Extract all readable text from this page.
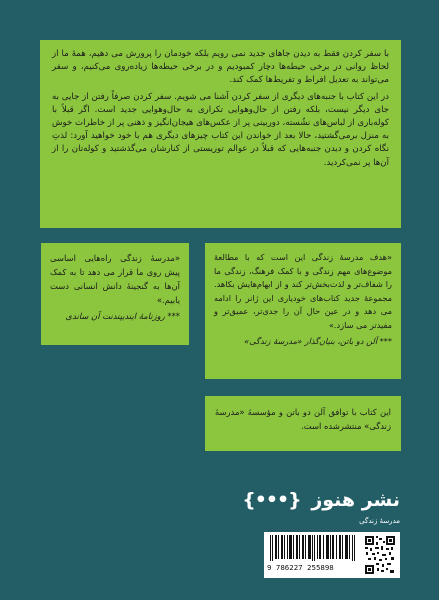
با سفر کردن فقط به دیدن جاهای جدید نمی رویم بلکه خودمان را پرورش می دهیم، همهٔ ما از لحاظ روانی در برخی حیطه‌ها دچار کمبودیم و در برخی حیطه‌ها زیاده‌روی می‌کنیم، و سفر می‌تواند به تعدیل افراط و تفریط‌ها کمک کند.

در این کتاب با جنبه‌های دیگری از سفر کردن آشنا می شویم. سفر کردن صرفاً رفتن از جایی به جای دیگر نیست، بلکه رفتن از حال‌وهوایی تکراری به حال‌وهوایی جدید است. اگر قبلاً با کوله‌باری از لباس‌های نشُسته، دوربینی پر از عکس‌های هیجان‌انگیز و ذهنی پر از خاطرات خوش به منزل برمی‌گشتید، حالا بعد از خواندن این کتاب چیزهای دیگری هم با خود خواهید آورد: لذتِ نگاه کردن و دیدن جنبه‌هایی که قبلاً در عوالم توریستی از کنارشان می‌گذشتید و کوله‌تان را از آن‌ها پر نمی‌کردید.

«مدرسهٔ زندگی راه‌هایی اساسی پیش روی ما قرار می دهد تا به کمک آن‌ها به گنجینهٔ دانش انسانی دست یابیم.»
*** روزنامهٔ ایندیپندنت آن ساندی
«هدف مدرسهٔ زندگی این است که با مطالعهٔ موضوع‌های مهم زندگی و با کمک فرهنگ، زندگی ما را شفاف‌تر و لذت‌بخش‌تر کند و از ابهام‌هایش بکاهد. مجموعهٔ جدید کتاب‌های خودیاری این ژانر را ادامه می دهد و در عین حال آن را جدی‌تر، عمیق‌تر و مفیدتر می سازد.»
*** آلن دو باتن، بنیان‌گذار «مدرسهٔ زندگی»
این کتاب با توافق آلن دو باتن و مؤسسهٔ «مدرسهٔ زندگی» منتشرشده است.
نشر هنوز {•••}
مدرسهٔ زندگی
9 786227 255898
